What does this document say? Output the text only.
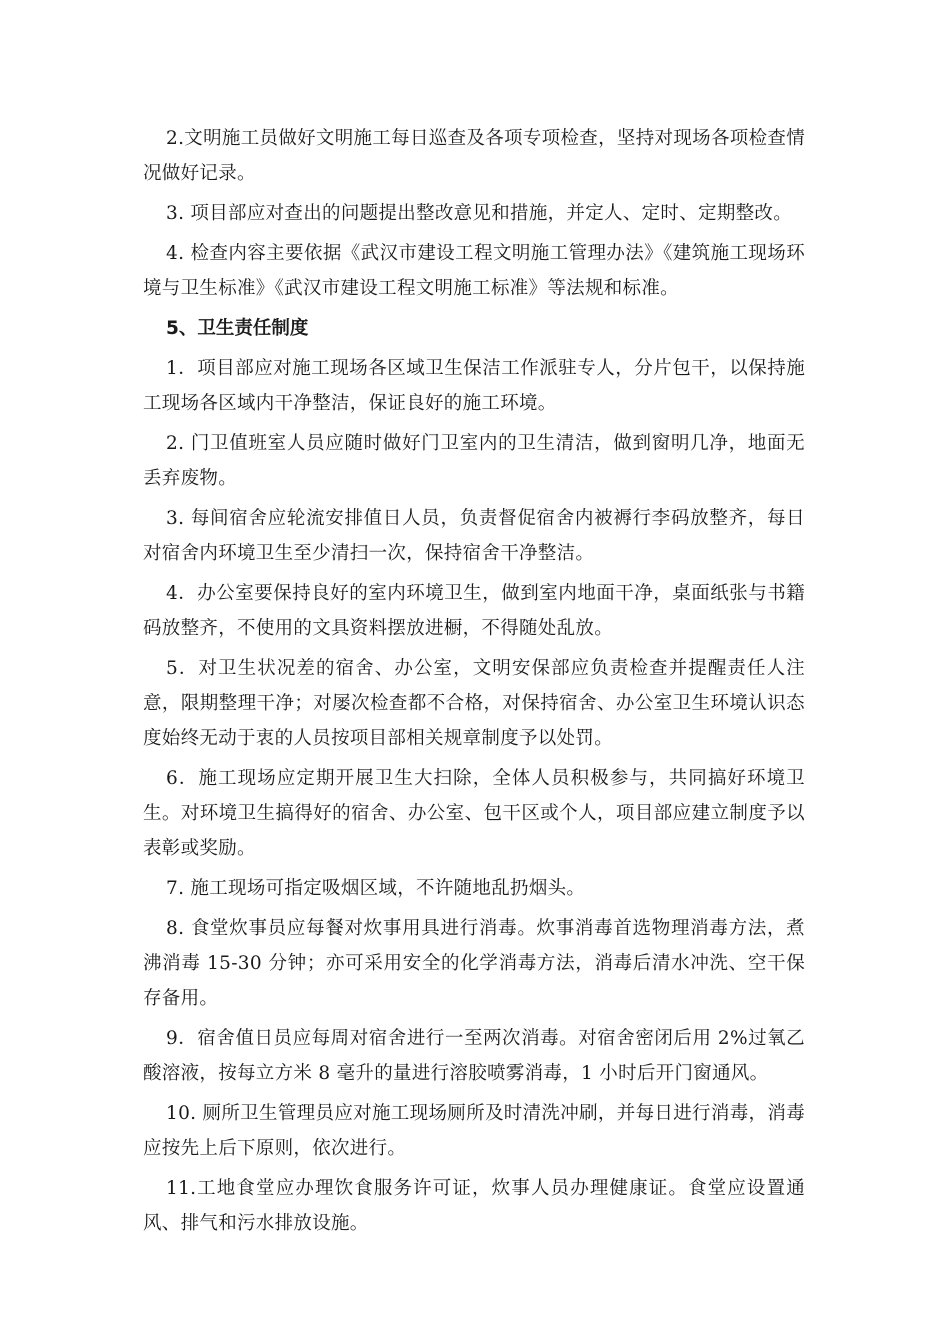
2.文明施工员做好文明施工每日巡查及各项专项检查，坚持对现场各项检查情况做好记录。

3. 项目部应对查出的问题提出整改意见和措施，并定人、定时、定期整改。

4. 检查内容主要依据《武汉市建设工程文明施工管理办法》《建筑施工现场环境与卫生标准》《武汉市建设工程文明施工标准》等法规和标准。

5、卫生责任制度

1．项目部应对施工现场各区域卫生保洁工作派驻专人，分片包干，以保持施工现场各区域内干净整洁，保证良好的施工环境。

2. 门卫值班室人员应随时做好门卫室内的卫生清洁，做到窗明几净，地面无丢弃废物。

3. 每间宿舍应轮流安排值日人员，负责督促宿舍内被褥行李码放整齐，每日对宿舍内环境卫生至少清扫一次，保持宿舍干净整洁。

4．办公室要保持良好的室内环境卫生，做到室内地面干净，桌面纸张与书籍码放整齐，不使用的文具资料摆放进橱，不得随处乱放。

5．对卫生状况差的宿舍、办公室，文明安保部应负责检查并提醒责任人注意，限期整理干净；对屡次检查都不合格，对保持宿舍、办公室卫生环境认识态度始终无动于衷的人员按项目部相关规章制度予以处罚。

6．施工现场应定期开展卫生大扫除，全体人员积极参与，共同搞好环境卫生。对环境卫生搞得好的宿舍、办公室、包干区或个人，项目部应建立制度予以表彰或奖励。

7. 施工现场可指定吸烟区域，不许随地乱扔烟头。

8. 食堂炊事员应每餐对炊事用具进行消毒。炊事消毒首选物理消毒方法，煮沸消毒 15-30 分钟；亦可采用安全的化学消毒方法，消毒后清水冲洗、空干保存备用。

9．宿舍值日员应每周对宿舍进行一至两次消毒。对宿舍密闭后用 2%过氧乙酸溶液，按每立方米 8 毫升的量进行溶胶喷雾消毒，1 小时后开门窗通风。

10. 厕所卫生管理员应对施工现场厕所及时清洗冲刷，并每日进行消毒，消毒应按先上后下原则，依次进行。

11.工地食堂应办理饮食服务许可证，炊事人员办理健康证。食堂应设置通风、排气和污水排放设施。
